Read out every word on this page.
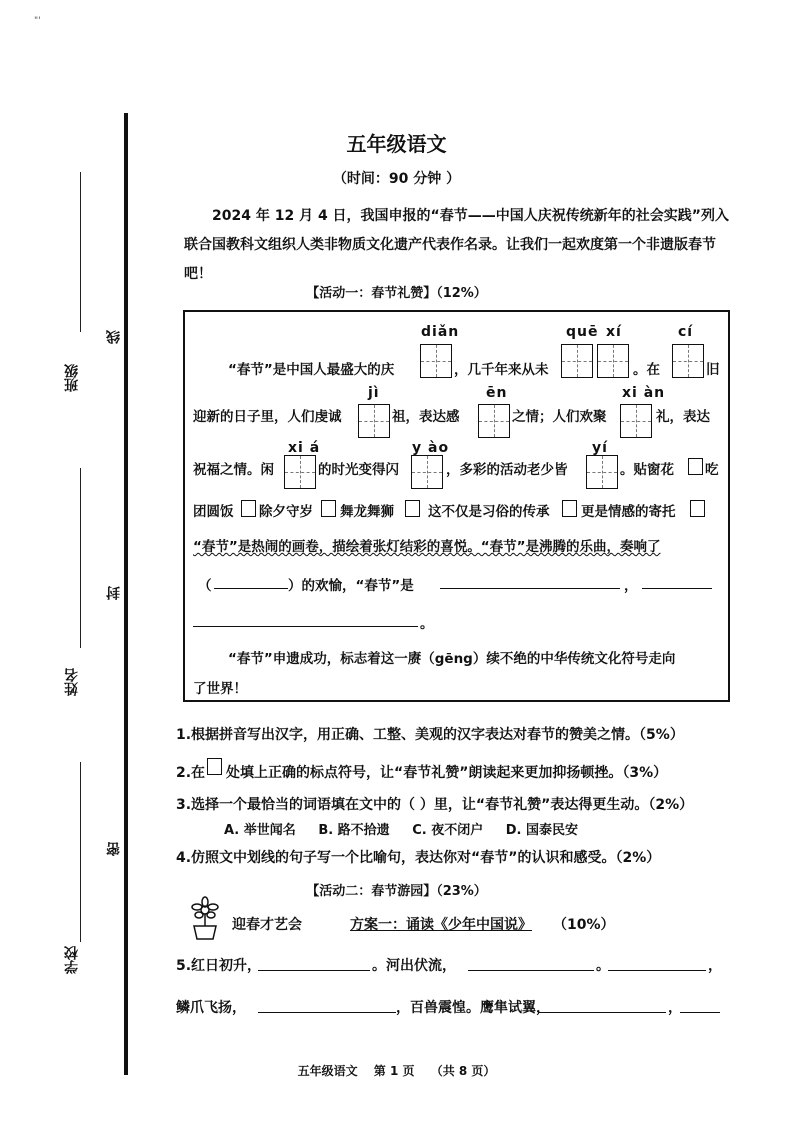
"'
班级
姓名
学校
线
封
密
五年级语文
（时间：90 分钟 ）
2024 年 12 月 4 日，我国申报的“春节——中国人庆祝传统新年的社会实践”列入联合国教科文组织人类非物质文化遗产代表作名录。让我们一起欢度第一个非遗版春节吧！
【活动一：春节礼赞】（12%）
diǎn	quē xí	cí
“春节”是中国人最盛大的庆	，几千年来从未	。在	旧
jì	ēn	xi àn
迎新的日子里，人们虔诚	祖，表达感	之情；人们欢聚	礼，表达
xi á	y ào	yí
祝福之情。闲	的时光变得闪	，多彩的活动老少皆	。贴窗花 吃
团圆饭 除夕守岁 舞龙舞狮	这不仅是习俗的传承 更是情感的寄托
“春节”是热闹的画卷，描绘着张灯结彩的喜悦。“春节”是沸腾的乐曲，奏响了
（	）的欢愉，“春节”是	，
。
“春节”申遗成功，标志着这一赓（gēng）续不绝的中华传统文化符号走向
了世界！
1.根据拼音写出汉字，用正确、工整、美观的汉字表达对春节的赞美之情。（5%）
2.在 处填上正确的标点符号，让“春节礼赞”朗读起来更加抑扬顿挫。（3%）
3.选择一个最恰当的词语填在文中的（ ）里，让“春节礼赞”表达得更生动。（2%）
A. 举世闻名 B. 路不拾遗 C. 夜不闭户 D. 国泰民安
4.仿照文中划线的句子写一个比喻句，表达你对“春节”的认识和感受。（2%）
【活动二：春节游园】（23%）
迎春才艺会	方案一：诵读《少年中国说》 （10%）
5.红日初升，	。河出伏流，	。	，
鳞爪飞扬，	，百兽震惶。鹰隼试翼，	，
五年级语文 第 1 页 （共 8 页）
